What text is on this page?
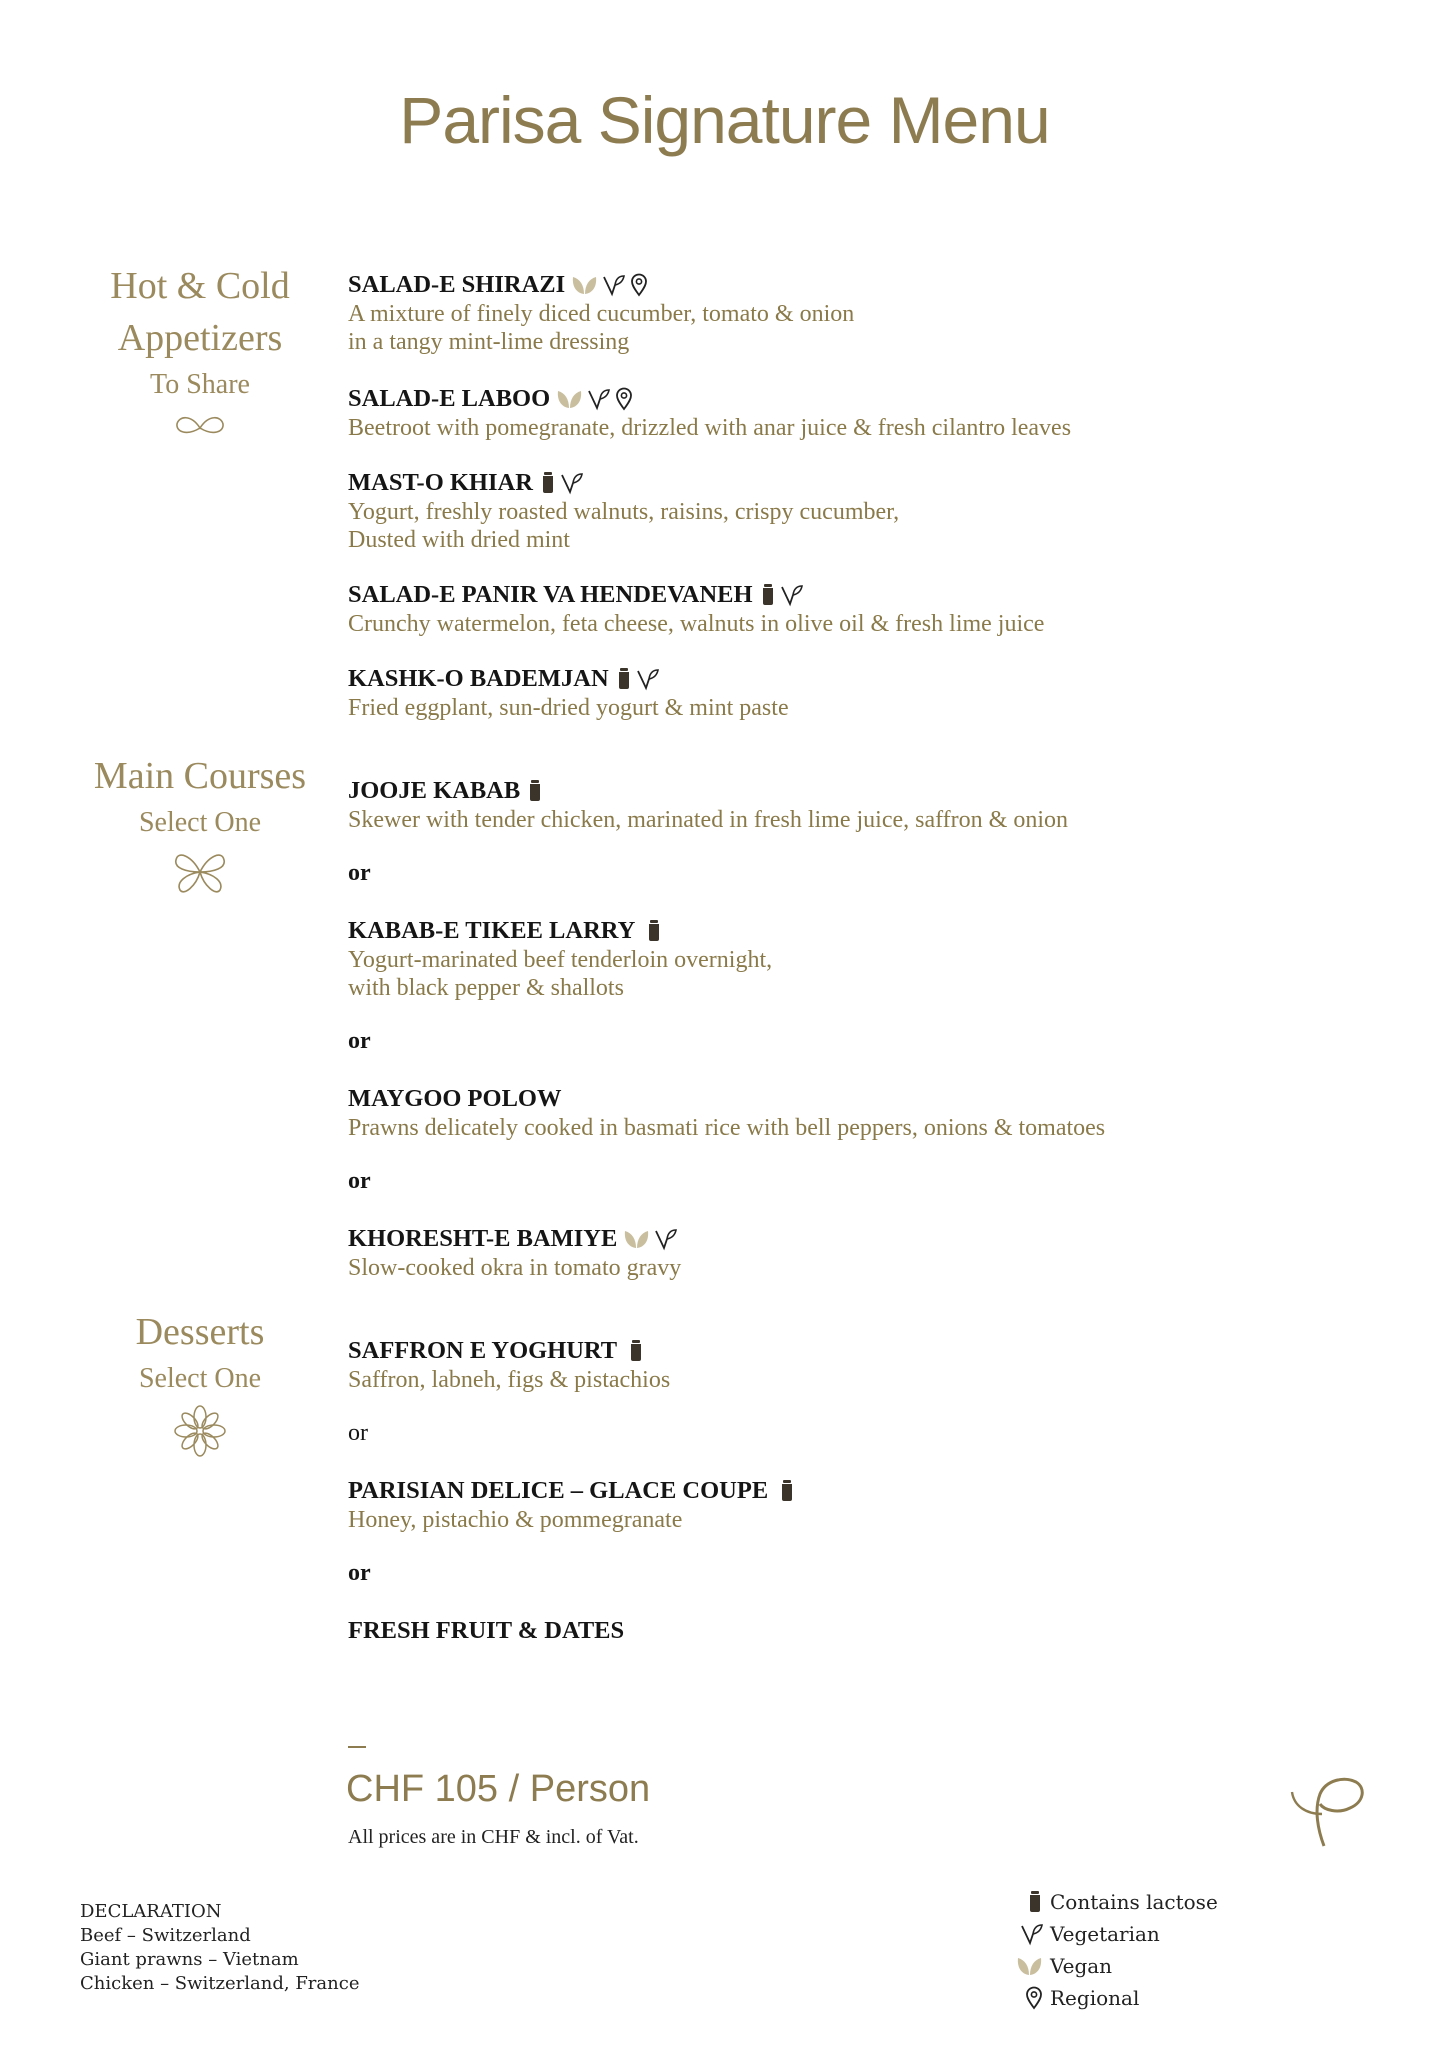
Parisa Signature Menu
Hot & Cold
Appetizers
To Share
Main Courses
Select One
Desserts
Select One
SALAD-E SHIRAZI
A mixture of finely diced cucumber, tomato & onion
in a tangy mint-lime dressing
SALAD-E LABOO
Beetroot with pomegranate, drizzled with anar juice & fresh cilantro leaves
MAST-O KHIAR
Yogurt, freshly roasted walnuts, raisins, crispy cucumber,
Dusted with dried mint
SALAD-E PANIR VA HENDEVANEH
Crunchy watermelon, feta cheese, walnuts in olive oil & fresh lime juice
KASHK-O BADEMJAN
Fried eggplant, sun-dried yogurt & mint paste
JOOJE KABAB
Skewer with tender chicken, marinated in fresh lime juice, saffron & onion
or
KABAB-E TIKEE LARRY
Yogurt-marinated beef tenderloin overnight,
with black pepper & shallots
or
MAYGOO POLOW
Prawns delicately cooked in basmati rice with bell peppers, onions & tomatoes
or
KHORESHT-E BAMIYE
Slow-cooked okra in tomato gravy
SAFFRON E YOGHURT
Saffron, labneh, figs & pistachios
or
PARISIAN DELICE – GLACE COUPE
Honey, pistachio & pommegranate
or
FRESH FRUIT & DATES
CHF 105 / Person
All prices are in CHF & incl. of Vat.
DECLARATION
Beef – Switzerland
Giant prawns – Vietnam
Chicken – Switzerland, France
Contains lactose
Vegetarian
Vegan
Regional
